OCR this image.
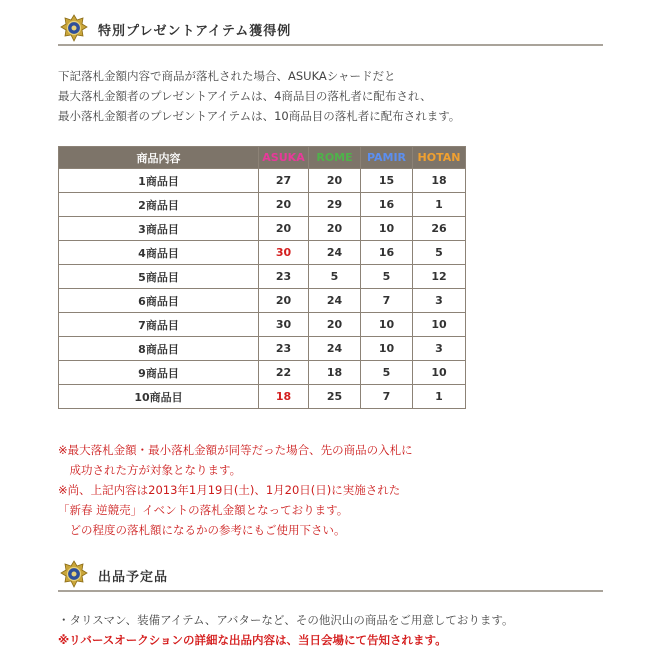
特別プレゼントアイテム獲得例
下記落札金額内容で商品が落札された場合、ASUKAシャードだと
最大落札金額者のプレゼントアイテムは、4商品目の落札者に配布され、
最小落札金額者のプレゼントアイテムは、10商品目の落札者に配布されます。
商品内容	ASUKA	ROME	PAMIR	HOTAN
1商品目	27	20	15	18
2商品目	20	29	16	1
3商品目	20	20	10	26
4商品目	30	24	16	5
5商品目	23	5	5	12
6商品目	20	24	7	3
7商品目	30	20	10	10
8商品目	23	24	10	3
9商品目	22	18	5	10
10商品目	18	25	7	1
※最大落札金額・最小落札金額が同等だった場合、先の商品の入札に
　成功された方が対象となります。
※尚、上記内容は2013年1月19日(土)、1月20日(日)に実施された
「新春 逆競売」イベントの落札金額となっております。
　どの程度の落札額になるかの参考にもご使用下さい。
出品予定品
・タリスマン、装備アイテム、アバターなど、その他沢山の商品をご用意しております。
※リバースオークションの詳細な出品内容は、当日会場にて告知されます。
